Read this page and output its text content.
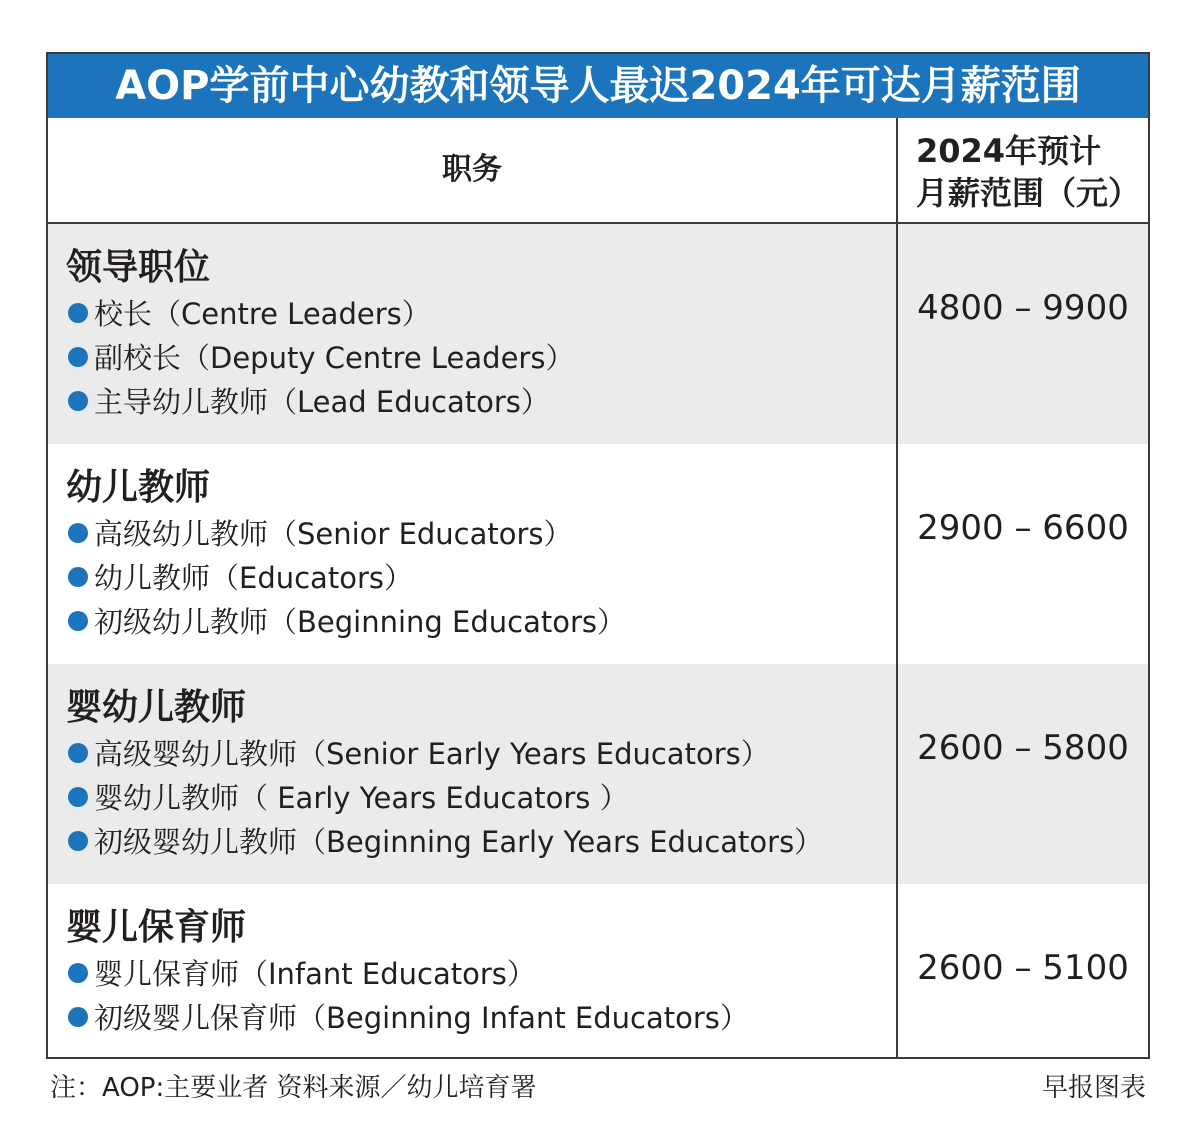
AOP学前中心幼教和领导人最迟2024年可达月薪范围
职务	2024年预计
月薪范围（元）
领导职位
校长（Centre Leaders）
副校长（Deputy Centre Leaders）
主导幼儿教师（Lead Educators）
4800 – 9900
幼儿教师
高级幼儿教师（Senior Educators）
幼儿教师（Educators）
初级幼儿教师（Beginning Educators）
2900 – 6600
婴幼儿教师
高级婴幼儿教师（Senior Early Years Educators）
婴幼儿教师（ Early Years Educators ）
初级婴幼儿教师（Beginning Early Years Educators）
2600 – 5800
婴儿保育师
婴儿保育师（Infant Educators）
初级婴儿保育师（Beginning Infant Educators）
2600 – 5100
注：AOP:主要业者 资料来源／幼儿培育署	早报图表
